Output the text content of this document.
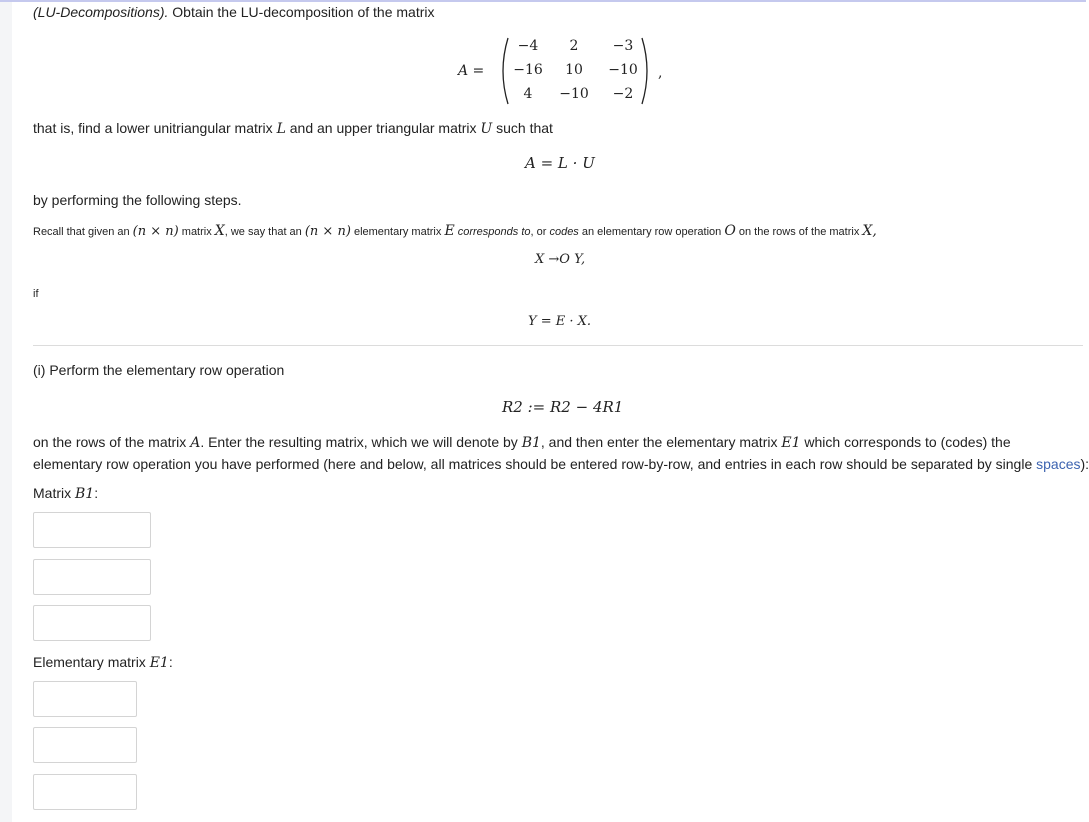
(LU-Decompositions). Obtain the LU-decomposition of the matrix
A =
−4	2	−3
−16	10	−10
4	−10	−2
,
that is, find a lower unitriangular matrix L and an upper triangular matrix U such that
A = L · U
by performing the following steps.
Recall that given an (n × n) matrix X, we say that an (n × n) elementary matrix E corresponds to, or codes an elementary row operation O on the rows of the matrix X,
X →O Y,
if
Y = E · X.
(i) Perform the elementary row operation
R2 := R2 − 4R1
on the rows of the matrix A. Enter the resulting matrix, which we will denote by B1, and then enter the elementary matrix E1 which corresponds to (codes) the
elementary row operation you have performed (here and below, all matrices should be entered row-by-row, and entries in each row should be separated by single spaces):
Matrix B1:
Elementary matrix E1:
